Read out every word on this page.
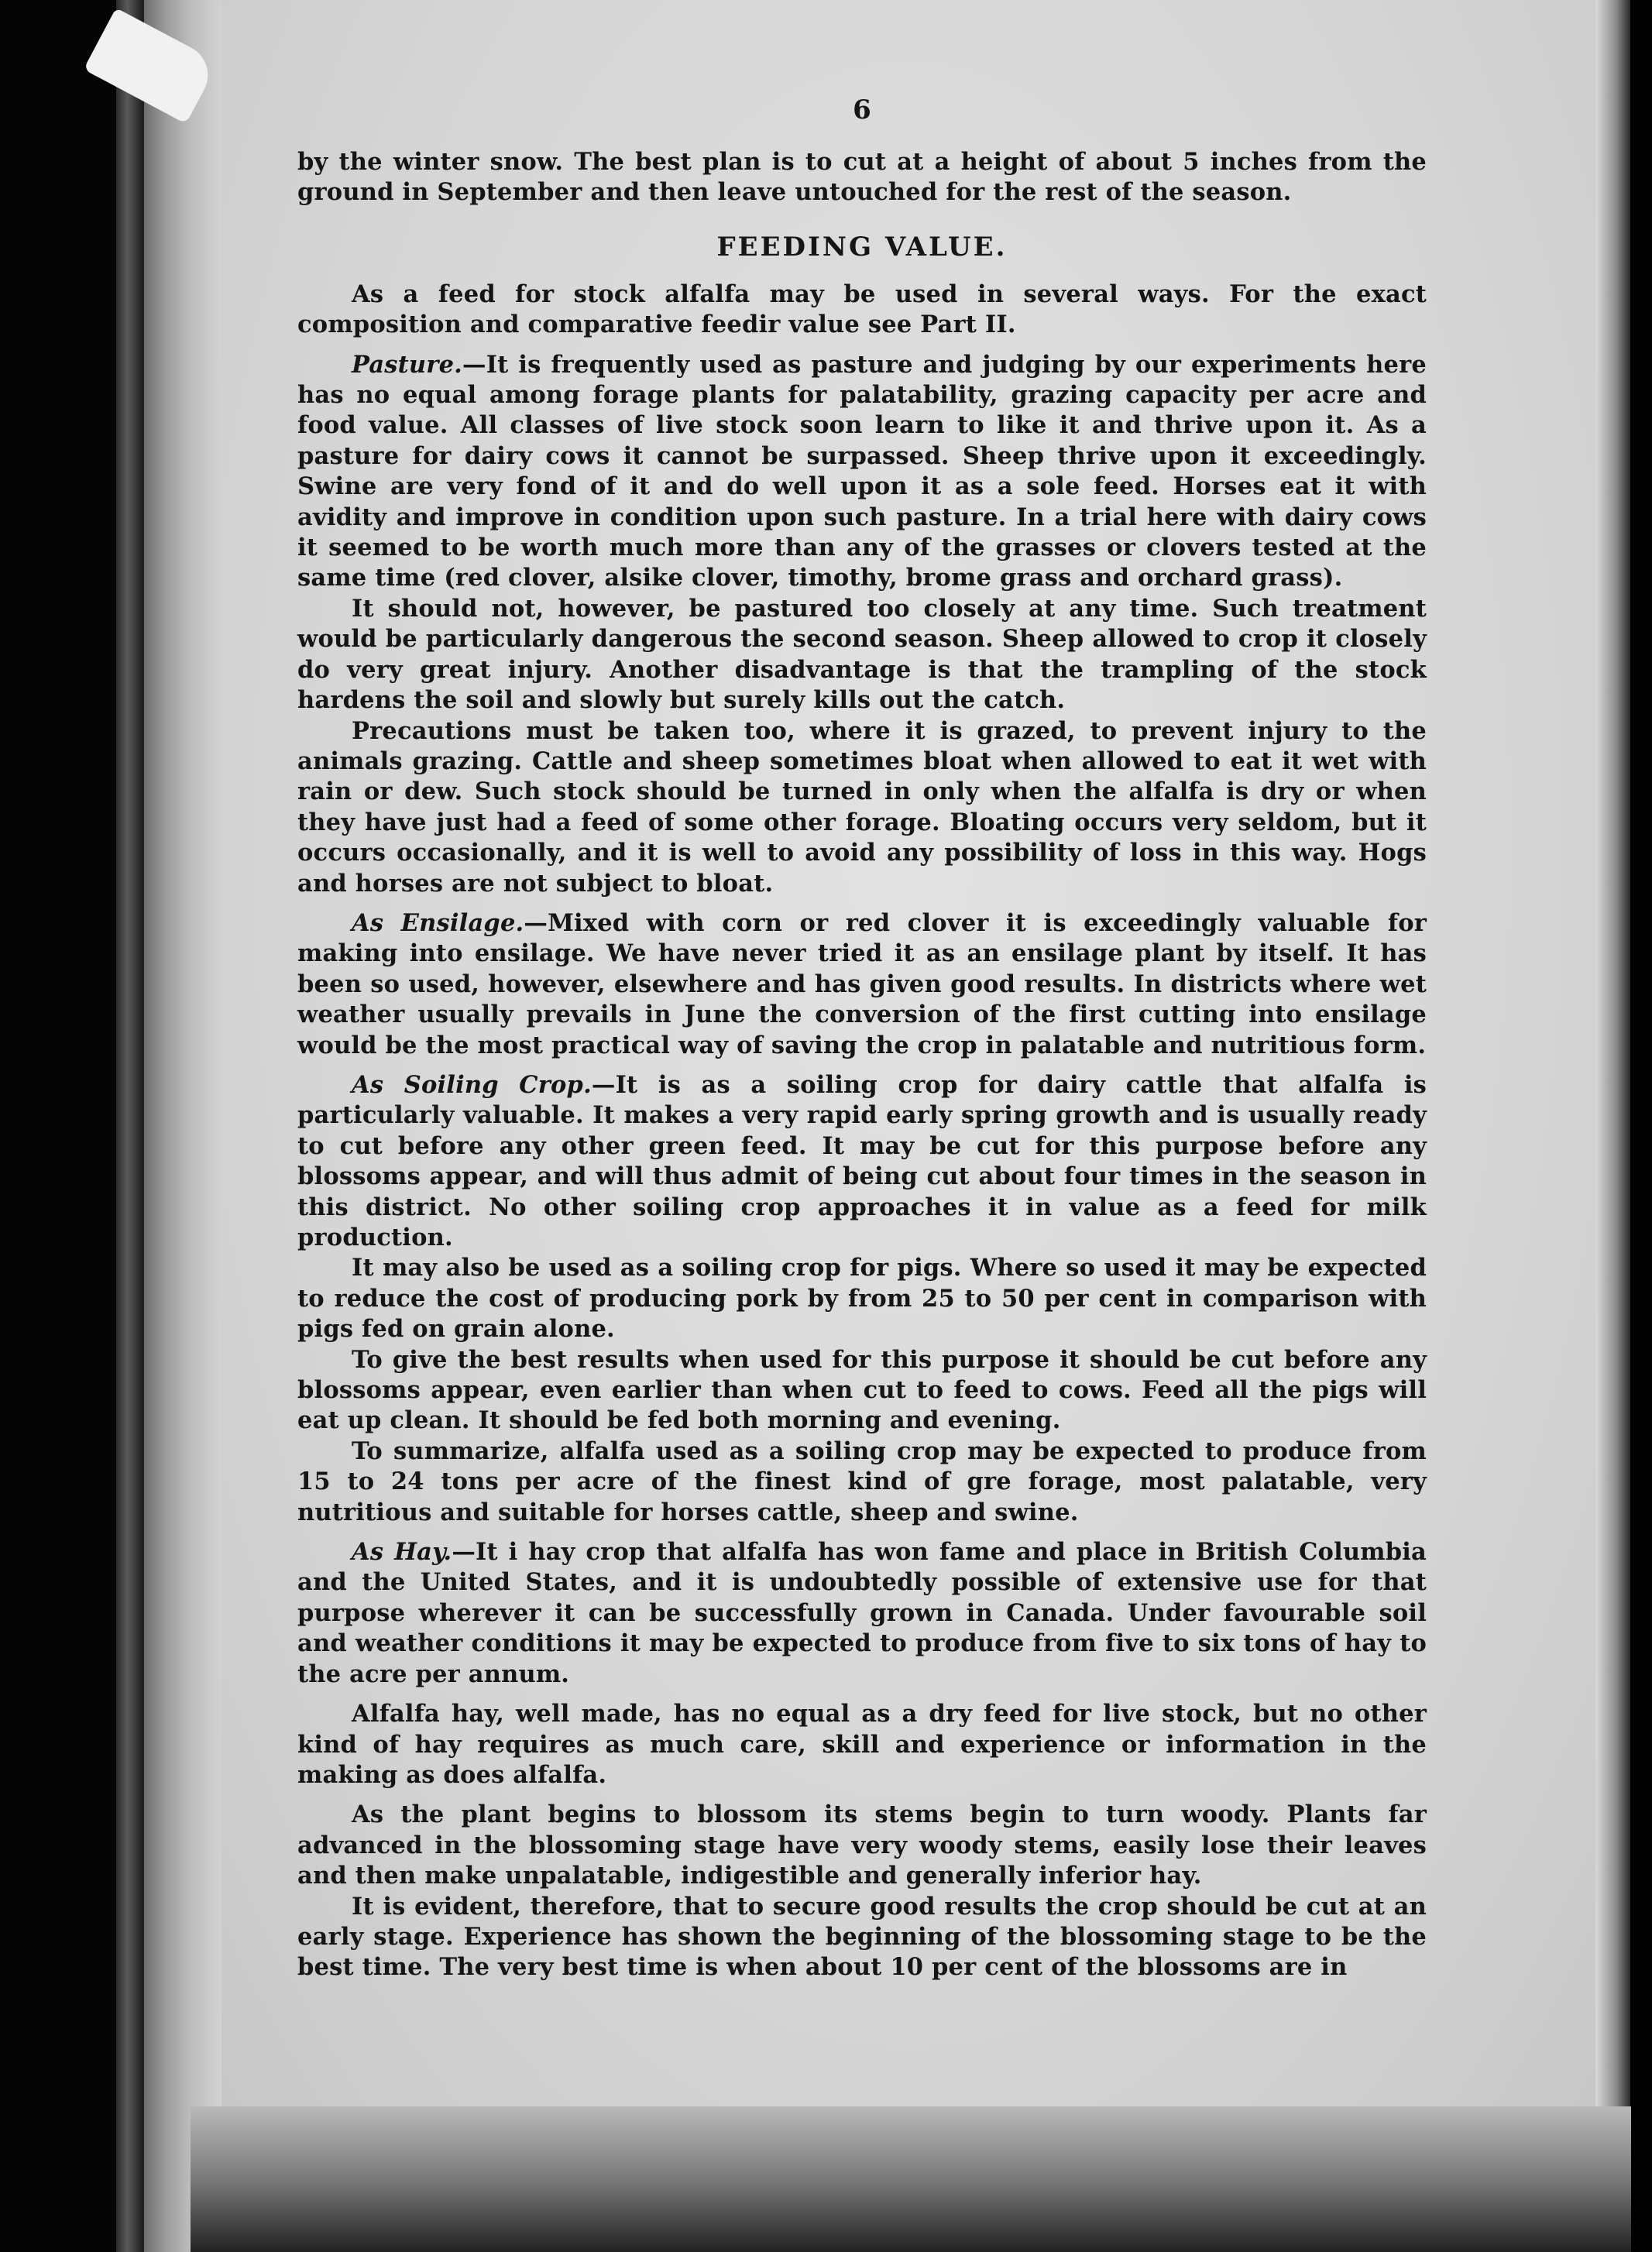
6

by the winter snow. The best plan is to cut at a height of about 5 inches from the ground in September and then leave untouched for the rest of the season.

FEEDING VALUE.

As a feed for stock alfalfa may be used in several ways. For the exact composition and comparative feedir value see Part II.

Pasture.—It is frequently used as pasture and judging by our experiments here has no equal among forage plants for palatability, grazing capacity per acre and food value. All classes of live stock soon learn to like it and thrive upon it. As a pasture for dairy cows it cannot be surpassed. Sheep thrive upon it exceedingly. Swine are very fond of it and do well upon it as a sole feed. Horses eat it with avidity and improve in condition upon such pasture. In a trial here with dairy cows it seemed to be worth much more than any of the grasses or clovers tested at the same time (red clover, alsike clover, timothy, brome grass and orchard grass).

It should not, however, be pastured too closely at any time. Such treatment would be particularly dangerous the second season. Sheep allowed to crop it closely do very great injury. Another disadvantage is that the trampling of the stock hardens the soil and slowly but surely kills out the catch.

Precautions must be taken too, where it is grazed, to prevent injury to the animals grazing. Cattle and sheep sometimes bloat when allowed to eat it wet with rain or dew. Such stock should be turned in only when the alfalfa is dry or when they have just had a feed of some other forage. Bloating occurs very seldom, but it occurs occasionally, and it is well to avoid any possibility of loss in this way. Hogs and horses are not subject to bloat.

As Ensilage.—Mixed with corn or red clover it is exceedingly valuable for making into ensilage. We have never tried it as an ensilage plant by itself. It has been so used, however, elsewhere and has given good results. In districts where wet weather usually prevails in June the conversion of the first cutting into ensilage would be the most practical way of saving the crop in palatable and nutritious form.

As Soiling Crop.—It is as a soiling crop for dairy cattle that alfalfa is particularly valuable. It makes a very rapid early spring growth and is usually ready to cut before any other green feed. It may be cut for this purpose before any blossoms appear, and will thus admit of being cut about four times in the season in this district. No other soiling crop approaches it in value as a feed for milk production.

It may also be used as a soiling crop for pigs. Where so used it may be expected to reduce the cost of producing pork by from 25 to 50 per cent in comparison with pigs fed on grain alone.

To give the best results when used for this purpose it should be cut before any blossoms appear, even earlier than when cut to feed to cows. Feed all the pigs will eat up clean. It should be fed both morning and evening.

To summarize, alfalfa used as a soiling crop may be expected to produce from 15 to 24 tons per acre of the finest kind of gre forage, most palatable, very nutritious and suitable for horses cattle, sheep and swine.

As Hay.—It i hay crop that alfalfa has won fame and place in British Columbia and the United States, and it is undoubtedly possible of extensive use for that purpose wherever it can be successfully grown in Canada. Under favourable soil and weather conditions it may be expected to produce from five to six tons of hay to the acre per annum.

Alfalfa hay, well made, has no equal as a dry feed for live stock, but no other kind of hay requires as much care, skill and experience or information in the making as does alfalfa.

As the plant begins to blossom its stems begin to turn woody. Plants far advanced in the blossoming stage have very woody stems, easily lose their leaves and then make unpalatable, indigestible and generally inferior hay.

It is evident, therefore, that to secure good results the crop should be cut at an early stage. Experience has shown the beginning of the blossoming stage to be the best time. The very best time is when about 10 per cent of the blossoms are in
